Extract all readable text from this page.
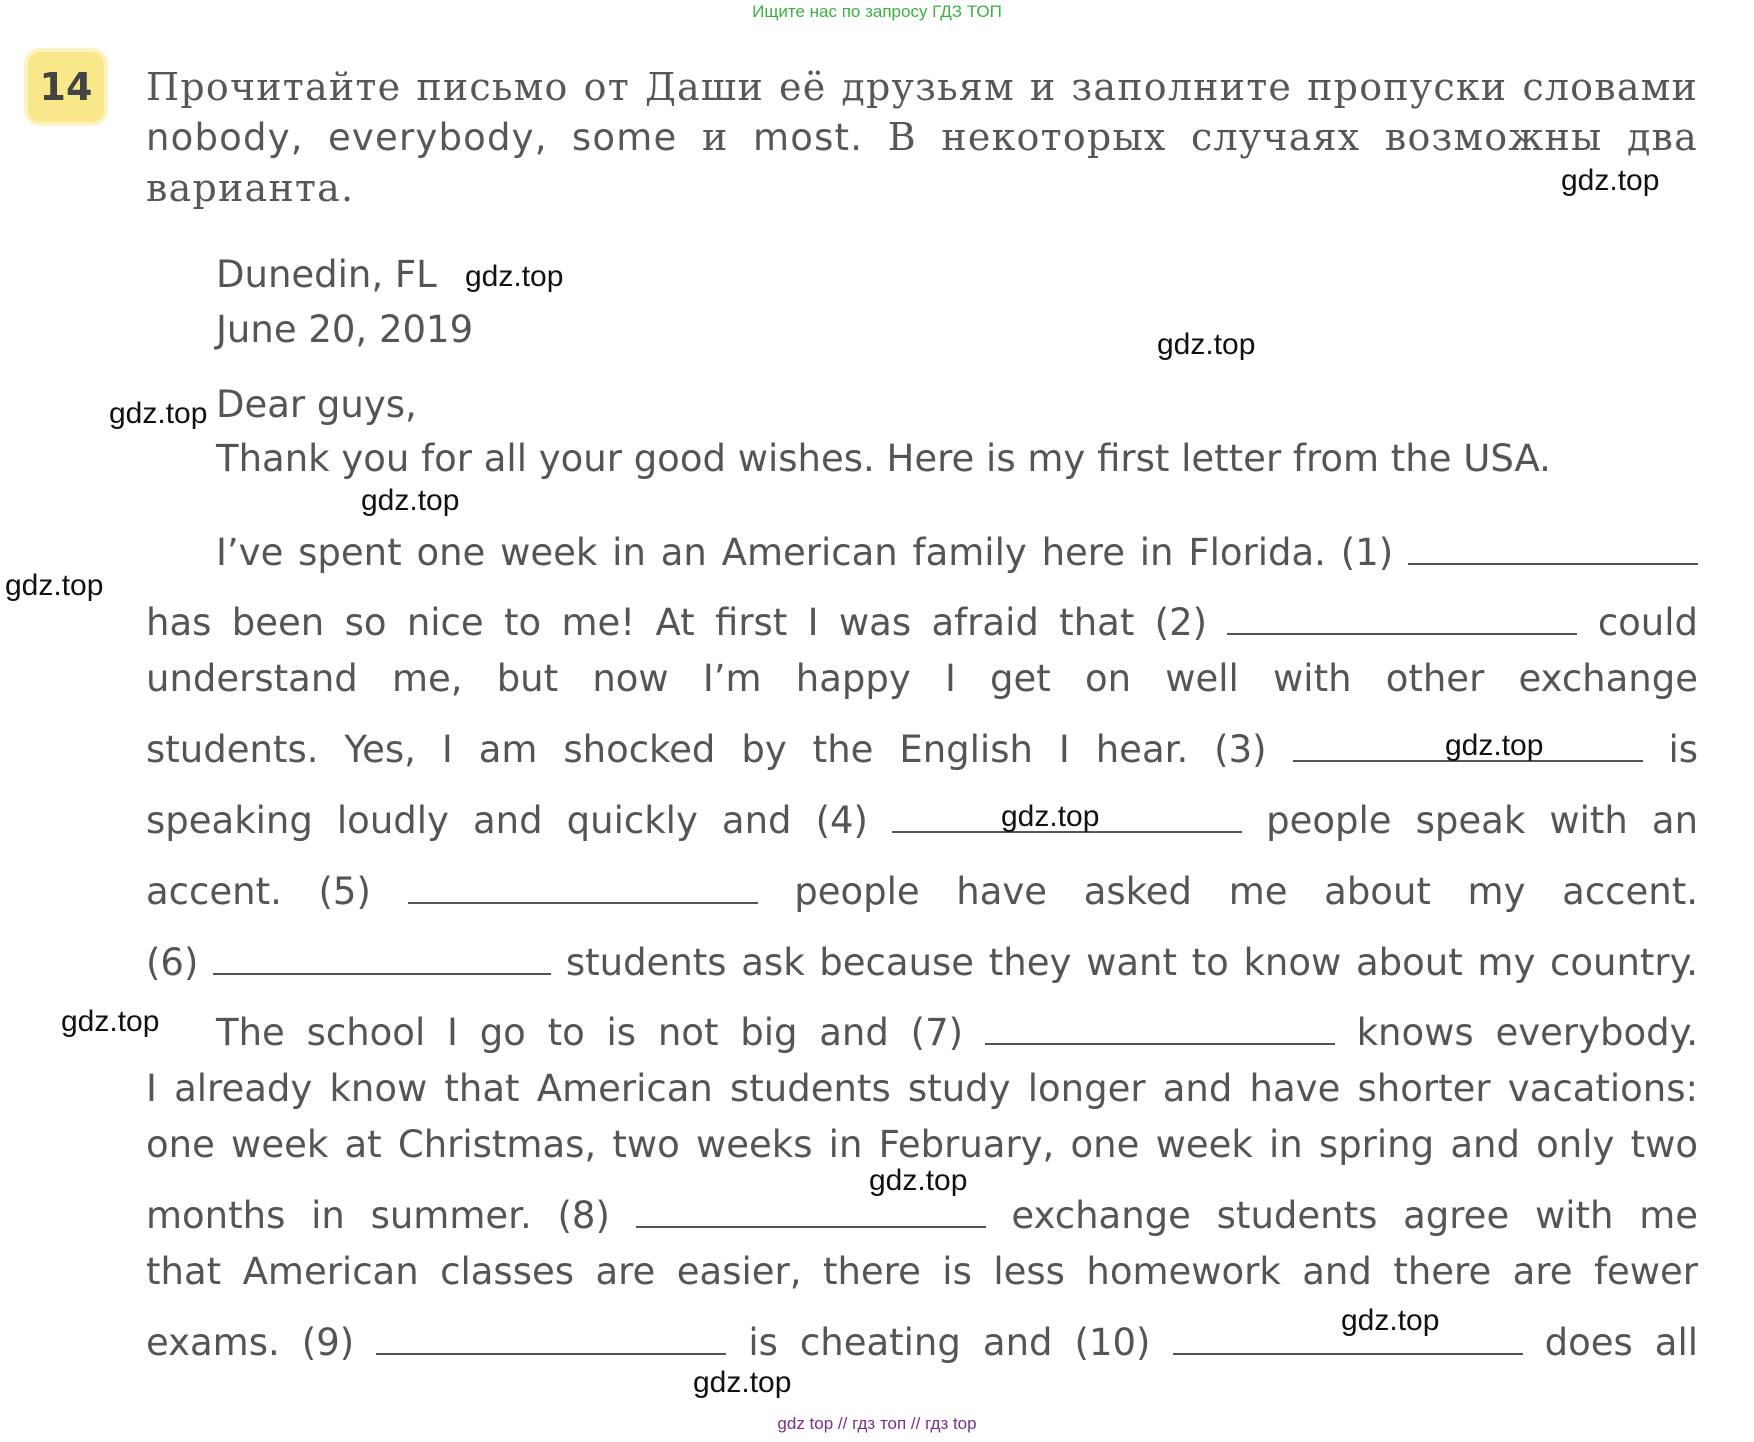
Ищите нас по запросу ГДЗ ТОП
14	Прочитайте письмо от Даши её друзьям и заполните пропуски словами nobody, everybody, some и most. В некоторых случаях возможны два варианта.

Dunedin, FL
June 20, 2019
Dear guys,
Thank you for all your good wishes. Here is my first letter from the USA.
I’ve spent one week in an American family here in Florida. (1)
has been so nice to me! At first I was afraid that (2)	could
understand me, but now I’m happy I get on well with other exchange
students. Yes, I am shocked by the English I hear. (3)	is
speaking loudly and quickly and (4)	people speak with an
accent. (5)	people have asked me about my accent.
(6)	students ask because they want to know about my country.
The school I go to is not big and (7)	knows everybody.
I already know that American students study longer and have shorter vacations:
one week at Christmas, two weeks in February, one week in spring and only two
months in summer. (8)	exchange students agree with me
that American classes are easier, there is less homework and there are fewer
exams. (9)	is cheating and (10)	does all
gdz.top
gdz.top
gdz.top
gdz.top
gdz.top
gdz.top
gdz.top
gdz.top
gdz.top
gdz.top
gdz.top
gdz.top
gdz top // гдз топ // гдз top
